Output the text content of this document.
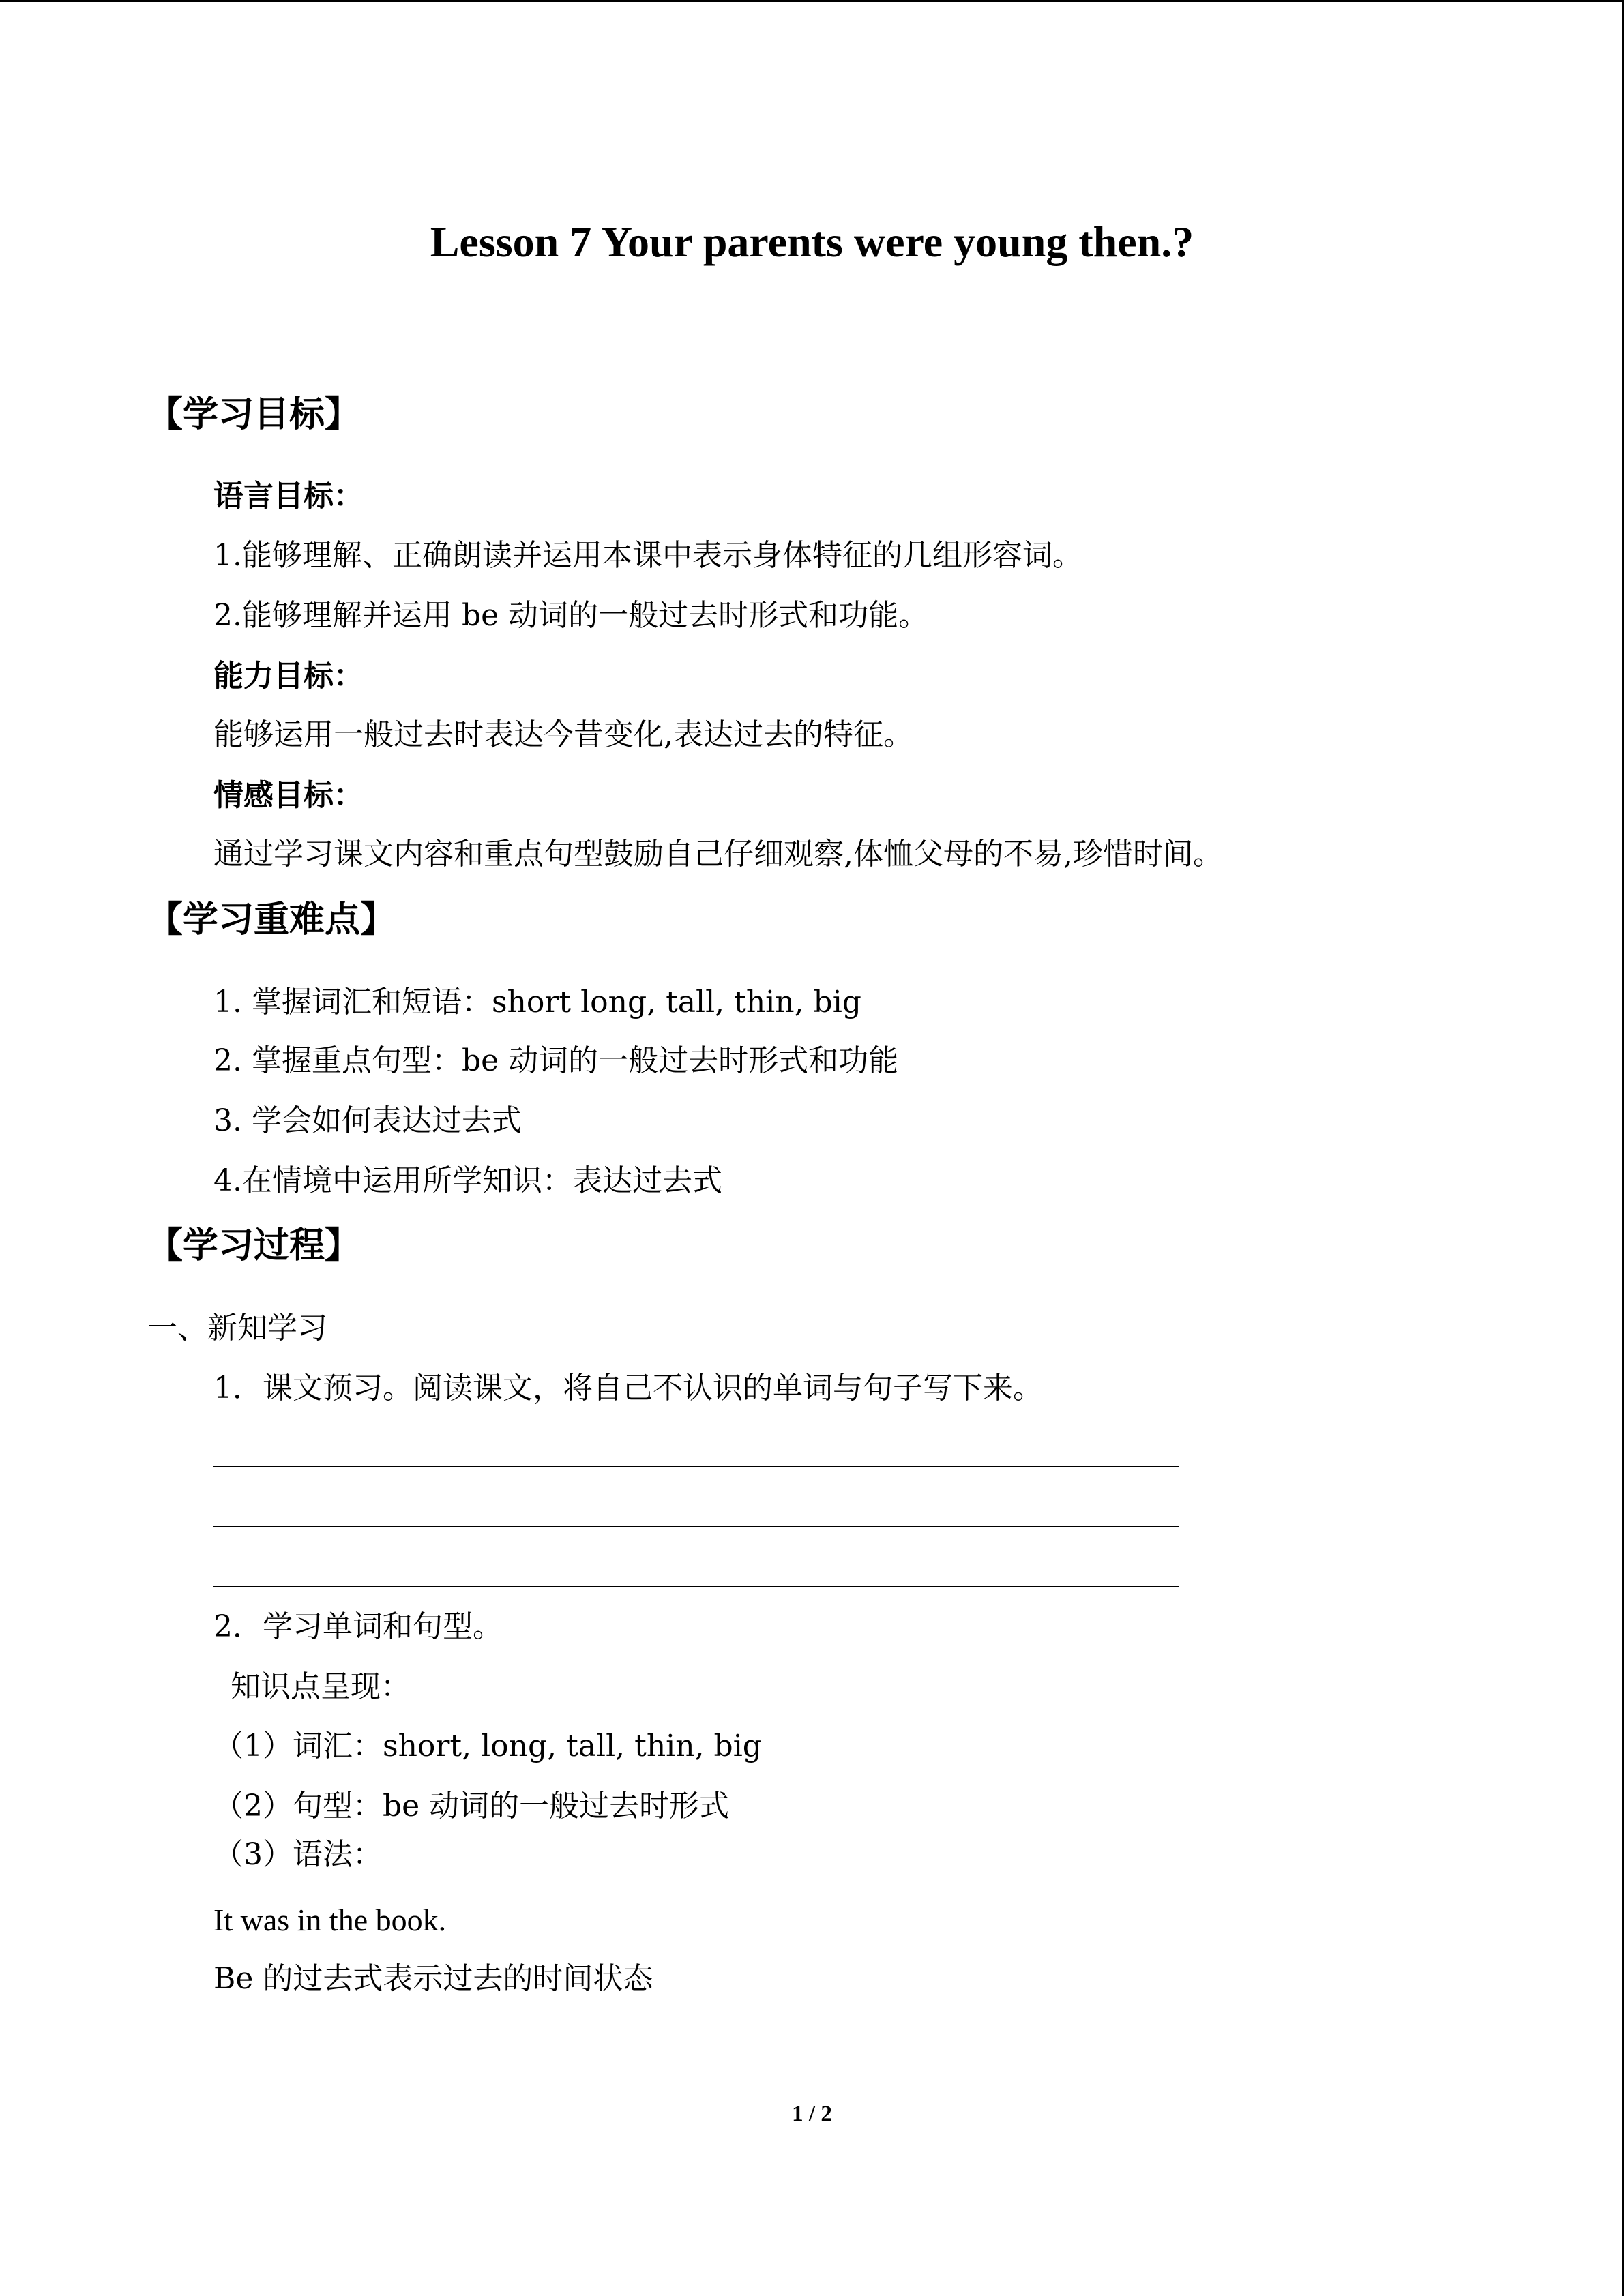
Lesson 7 Your parents were young then.?
【学习目标】
语言目标：
1.能够理解、正确朗读并运用本课中表示身体特征的几组形容词。
2.能够理解并运用 be 动词的一般过去时形式和功能。
能力目标：
能够运用一般过去时表达今昔变化,表达过去的特征。
情感目标：
通过学习课文内容和重点句型鼓励自己仔细观察,体恤父母的不易,珍惜时间。
【学习重难点】
1. 掌握词汇和短语：short long, tall, thin, big
2. 掌握重点句型：be 动词的一般过去时形式和功能
3. 学会如何表达过去式
4.在情境中运用所学知识：表达过去式
【学习过程】
一、新知学习
1．课文预习。阅读课文，将自己不认识的单词与句子写下来。
2．学习单词和句型。
知识点呈现：
（1）词汇：short, long, tall, thin, big
（2）句型：be 动词的一般过去时形式
（3）语法：
It was in the book.
Be 的过去式表示过去的时间状态
1 / 2
